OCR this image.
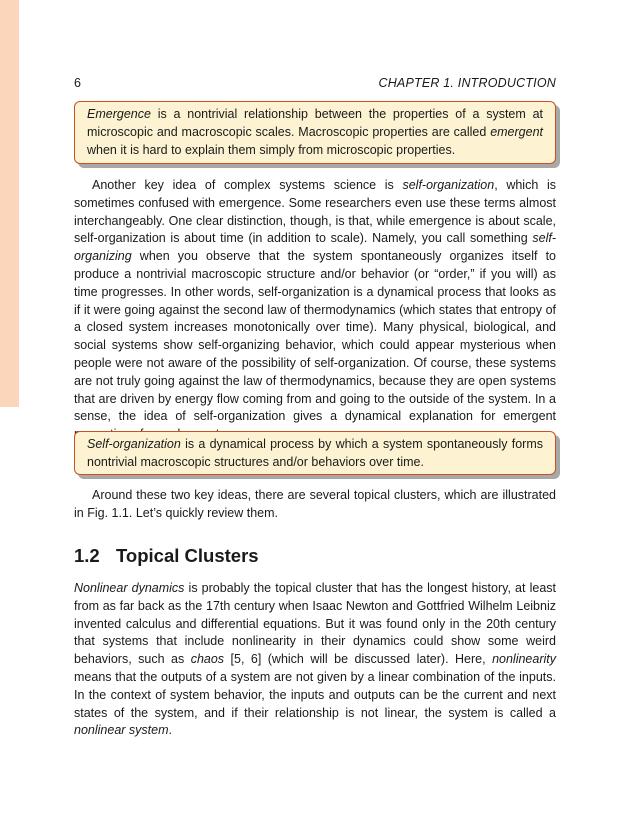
6	CHAPTER 1. INTRODUCTION
Emergence is a nontrivial relationship between the properties of a system at microscopic and macroscopic scales. Macroscopic properties are called emergent when it is hard to explain them simply from microscopic properties.

Another key idea of complex systems science is self-organization, which is sometimes confused with emergence. Some researchers even use these terms almost interchangeably. One clear distinction, though, is that, while emergence is about scale, self-organization is about time (in addition to scale). Namely, you call something self-organizing when you observe that the system spontaneously organizes itself to produce a nontrivial macroscopic structure and/or behavior (or “order,” if you will) as time progresses. In other words, self-organization is a dynamical process that looks as if it were going against the second law of thermodynamics (which states that entropy of a closed system increases monotonically over time). Many physical, biological, and social systems show self-organizing behavior, which could appear mysterious when people were not aware of the possibility of self-organization. Of course, these systems are not truly going against the law of thermodynamics, because they are open systems that are driven by energy flow coming from and going to the outside of the system. In a sense, the idea of self-organization gives a dynamical explanation for emergent

Self-organization is a dynamical process by which a system spontaneously forms nontrivial macroscopic structures and/or behaviors over time.

Around these two key ideas, there are several topical clusters, which are illustrated in Fig. 1.1. Let’s quickly review them.

1.2 Topical Clusters

Nonlinear dynamics is probably the topical cluster that has the longest history, at least from as far back as the 17th century when Isaac Newton and Gottfried Wilhelm Leibniz invented calculus and differential equations. But it was found only in the 20th century that systems that include nonlinearity in their dynamics could show some weird behaviors, such as chaos [5, 6] (which will be discussed later). Here, nonlinearity means that the outputs of a system are not given by a linear combination of the inputs. In the context of system behavior, the inputs and outputs can be the current and next states of the system, and if their relationship is not linear, the system is called a nonlinear system.
